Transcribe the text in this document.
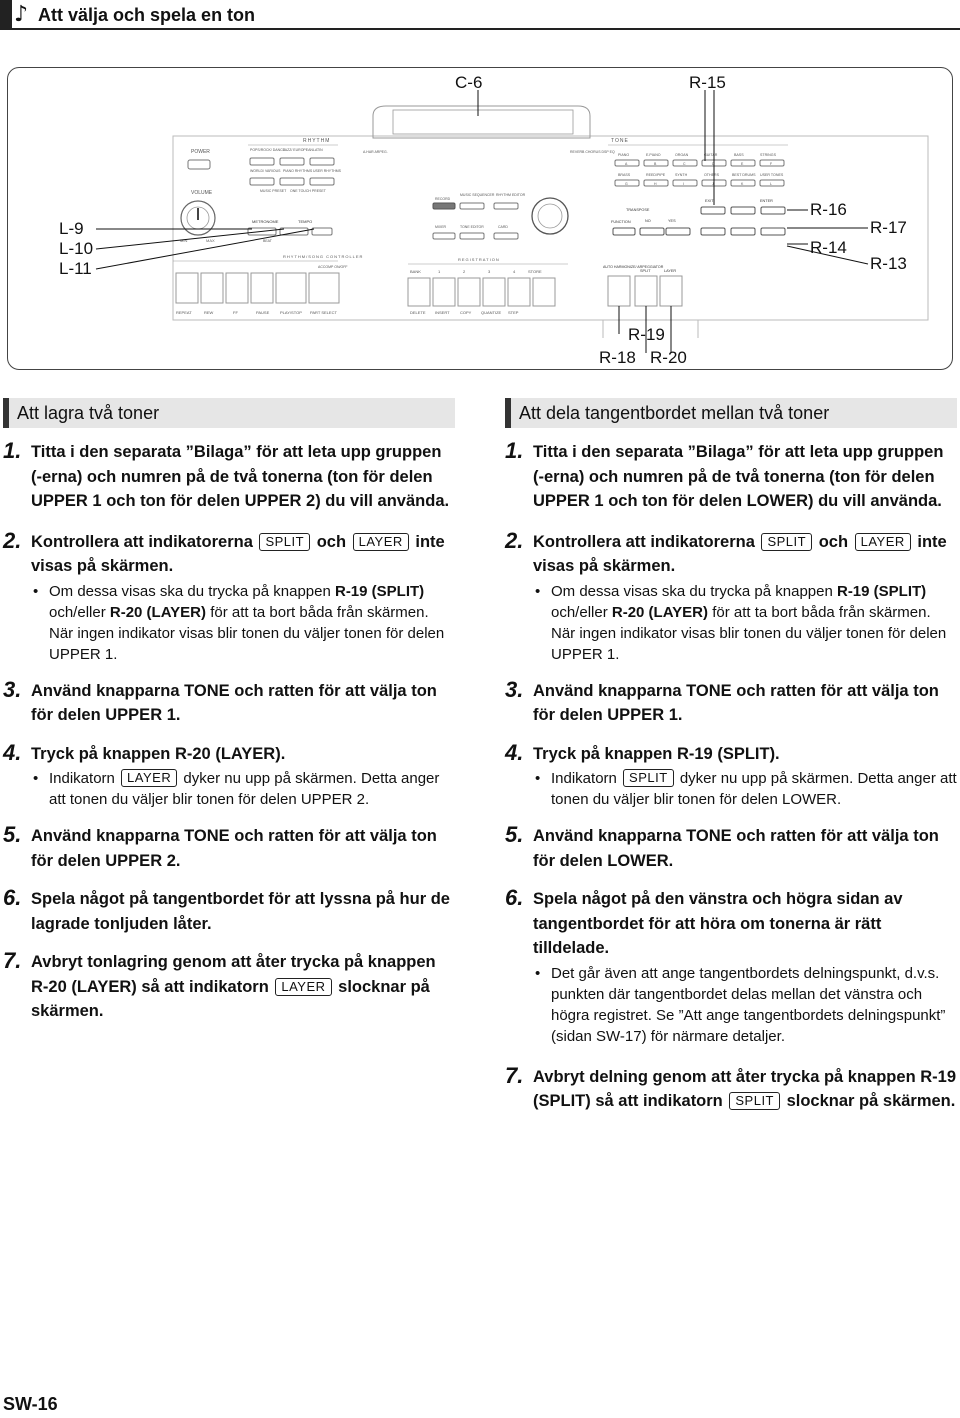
♪ Att välja och spela en ton
POWER
VOLUME
MIN	MAX
RHYTHM
POPS/ROCK/ DANCE
JAZZ/ EUROPEAN LATIN
WORLD/ VARIOUS PIANO RHYTHMS USER RHYTHMS
MUSIC PRESET ONE TOUCH PRESET
METRONOME	TEMPO
BEAT
RHYTHM/SONG CONTROLLER
ACCOMP ON/OFF
REPEAT	REW	FF	PAUSE	PLAY/STOP PART SELECT
A.HAR ARPEG.
RECORD
MUSIC SEQUENCER RHYTHM EDITOR
MIXER	TONE EDITOR	CARD
REGISTRATION
BANK	1	2	3	4	STORE
DELETE INSERT	COPY QUANTIZE STEP
REVERB CHORUS DSP EQ
TONE
PIANO	E.PIANO	ORGAN	GUITAR	BASS	STRINGS
A	B	C	D	E	F
BRASS	REED/PIPE	SYNTH	OTHERS	BEST DRUMS USER TONES
G	H	I	J	K	L
TRANSPOSE
FUNCTION	NO	YES
EXIT	ENTER
AUTO HARMONIZE/ ARPEGGIATOR
SPLIT	LAYER
C-6	R-15
L-9
L-10
L-11
R-16
R-17
R-14
R-13
R-19
R-18 R-20
Att lagra två toner
1. Titta i den separata ”Bilaga” för att leta upp gruppen (-erna) och numren på de två tonerna (ton för delen UPPER 1 och ton för delen UPPER 2) du vill använda.
2. Kontrollera att indikatorerna SPLIT och LAYER inte visas på skärmen.
• Om dessa visas ska du trycka på knappen R-19 (SPLIT) och/eller R-20 (LAYER) för att ta bort båda från skärmen. När ingen indikator visas blir tonen du väljer tonen för delen UPPER 1.
3. Använd knapparna TONE och ratten för att välja ton för delen UPPER 1.
4. Tryck på knappen R-20 (LAYER).
• Indikatorn LAYER dyker nu upp på skärmen. Detta anger att tonen du väljer blir tonen för delen UPPER 2.
5. Använd knapparna TONE och ratten för att välja ton för delen UPPER 2.
6. Spela något på tangentbordet för att lyssna på hur de lagrade tonljuden låter.
7. Avbryt tonlagring genom att åter trycka på knappen R-20 (LAYER) så att indikatorn LAYER slocknar på skärmen.
Att dela tangentbordet mellan två toner
1. Titta i den separata ”Bilaga” för att leta upp gruppen (-erna) och numren på de två tonerna (ton för delen UPPER 1 och ton för delen LOWER) du vill använda.
2. Kontrollera att indikatorerna SPLIT och LAYER inte visas på skärmen.
• Om dessa visas ska du trycka på knappen R-19 (SPLIT) och/eller R-20 (LAYER) för att ta bort båda från skärmen. När ingen indikator visas blir tonen du väljer tonen för delen UPPER 1.
3. Använd knapparna TONE och ratten för att välja ton för delen UPPER 1.
4. Tryck på knappen R-19 (SPLIT).
• Indikatorn SPLIT dyker nu upp på skärmen. Detta anger att tonen du väljer blir tonen för delen LOWER.
5. Använd knapparna TONE och ratten för att välja ton för delen LOWER.
6. Spela något på den vänstra och högra sidan av tangentbordet för att höra om tonerna är rätt tilldelade.
• Det går även att ange tangentbordets delningspunkt, d.v.s. punkten där tangentbordet delas mellan det vänstra och högra registret. Se ”Att ange tangentbordets delningspunkt” (sidan SW-17) för närmare detaljer.
7. Avbryt delning genom att åter trycka på knappen R-19 (SPLIT) så att indikatorn SPLIT slocknar på skärmen.
SW-16
